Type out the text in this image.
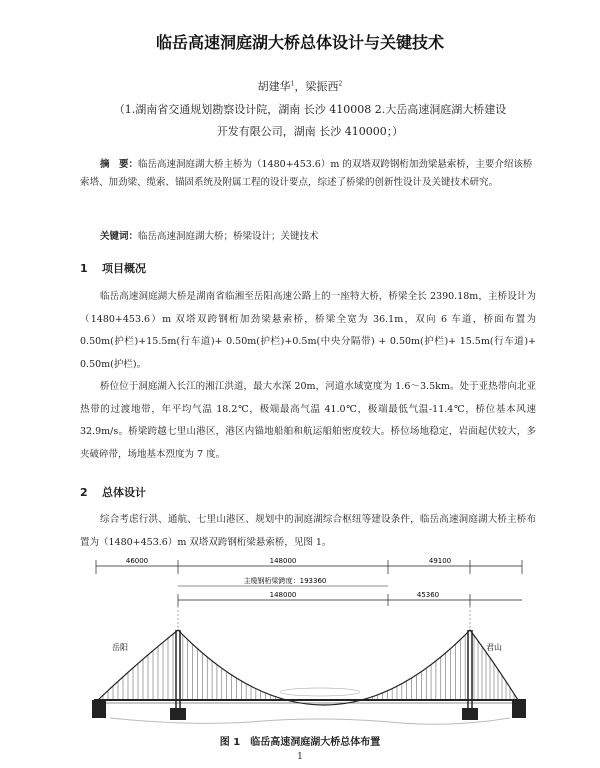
临岳高速洞庭湖大桥总体设计与关键技术
胡建华$^1$，梁振西$^2$
（1.湖南省交通规划勘察设计院，湖南 长沙 410008 2.大岳高速洞庭湖大桥建设
开发有限公司，湖南 长沙 410000；）
摘　要：临岳高速洞庭湖大桥主桥为（1480+453.6）m 的双塔双跨钢桁加劲梁悬索桥，主要介绍该桥索塔、加劲梁、缆索、锚固系统及附属工程的设计要点，综述了桥梁的创新性设计及关键技术研究。
关键词：临岳高速洞庭湖大桥；桥梁设计；关键技术
1 项目概况
临岳高速洞庭湖大桥是湖南省临湘至岳阳高速公路上的一座特大桥，桥梁全长 2390.18m，主桥设计为（1480+453.6）m 双塔双跨钢桁加劲梁悬索桥，桥梁全宽为 36.1m，双向 6 车道，桥面布置为 0.50m(护栏)+15.5m(行车道)+ 0.50m(护栏)+0.5m(中央分隔带) + 0.50m(护栏)+ 15.5m(行车道)+ 0.50m(护栏)。
桥位位于洞庭湖入长江的湘江洪道，最大水深 20m，河道水域宽度为 1.6～3.5km。处于亚热带向北亚热带的过渡地带，年平均气温 18.2℃，极端最高气温 41.0℃，极端最低气温-11.4℃，桥位基本风速 32.9m/s。桥梁跨越七里山港区，港区内锚地船舶和航运船舶密度较大。桥位场地稳定，岩面起伏较大，多夹破碎带，场地基本烈度为 7 度。
2 总体设计
综合考虑行洪、通航、七里山港区、规划中的洞庭湖综合枢纽等建设条件，临岳高速洞庭湖大桥主桥布置为（1480+453.6）m 双塔双跨钢桁梁悬索桥，见图 1。
46000	148000	49100
主缆钢桁梁跨度：193360
148000	45360
岳阳	君山
图 1　临岳高速洞庭湖大桥总体布置
1
